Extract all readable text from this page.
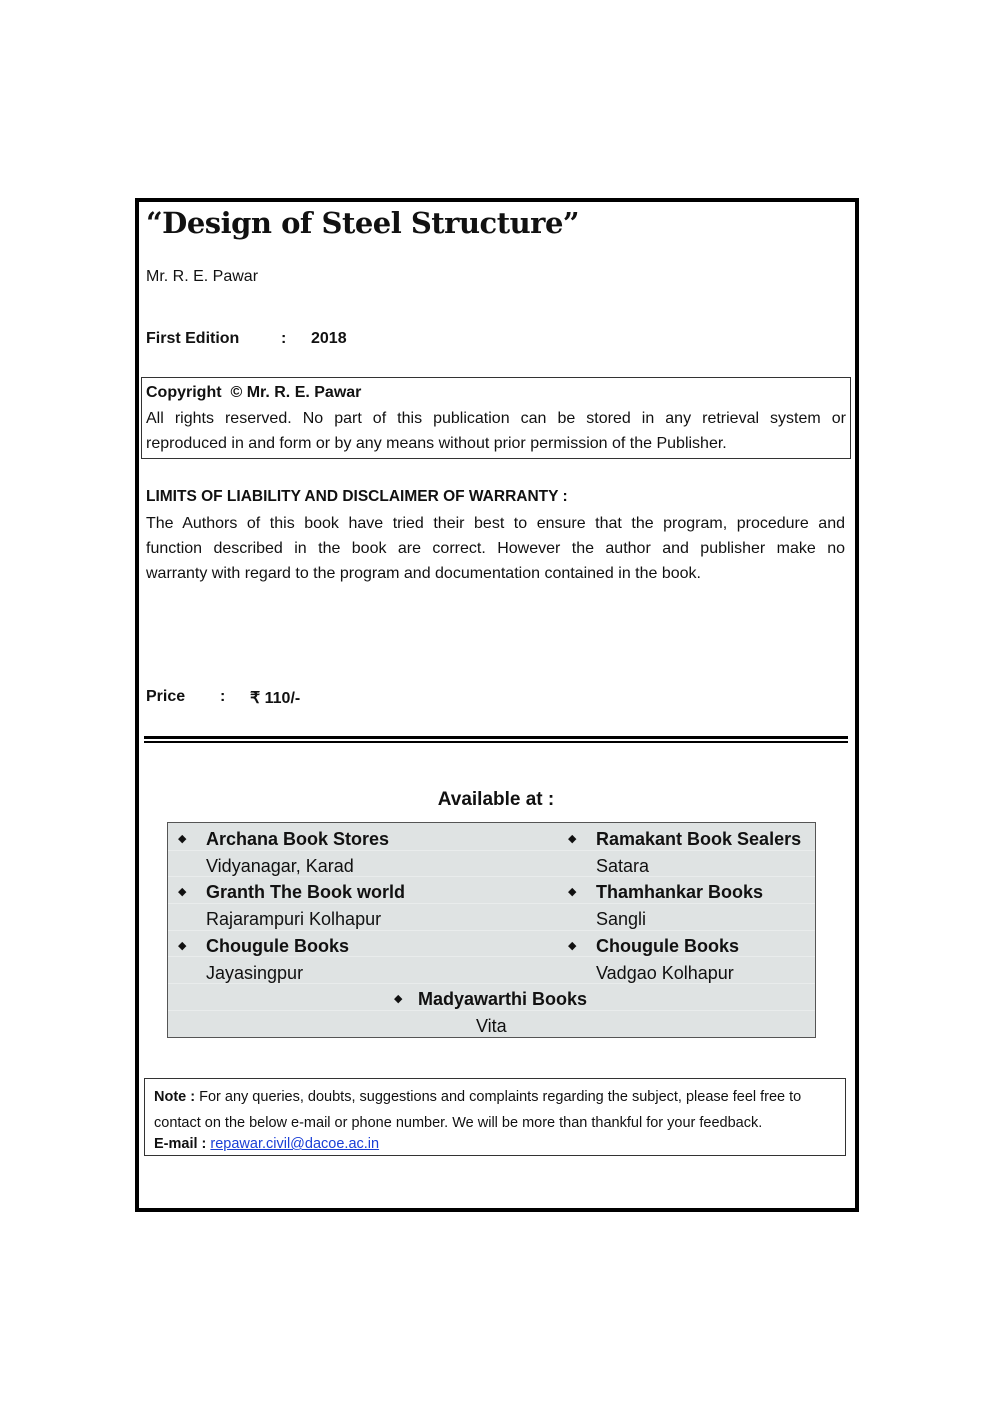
“Design of Steel Structure”
Mr. R. E. Pawar
First Edition	: 2018
Copyright © Mr. R. E. Pawar
All rights reserved. No part of this publication can be stored in any retrieval system or
reproduced in and form or by any means without prior permission of the Publisher.
LIMITS OF LIABILITY AND DISCLAIMER OF WARRANTY :
The Authors of this book have tried their best to ensure that the program, procedure and
function described in the book are correct. However the author and publisher make no
warranty with regard to the program and documentation contained in the book.
Price : ₹ 110/-
Available at :
◆ Archana Book Stores
Vidyanagar, Karad
◆ Ramakant Book Sealers
Satara
◆ Granth The Book world
Rajarampuri Kolhapur
◆ Thamhankar Books
Sangli
◆ Chougule Books
Jayasingpur
◆ Chougule Books
Vadgao Kolhapur
◆ Madyawarthi Books
Vita
Note : For any queries, doubts, suggestions and complaints regarding the subject, please feel free to
contact on the below e-mail or phone number. We will be more than thankful for your feedback.
E-mail : repawar.civil@dacoe.ac.in
